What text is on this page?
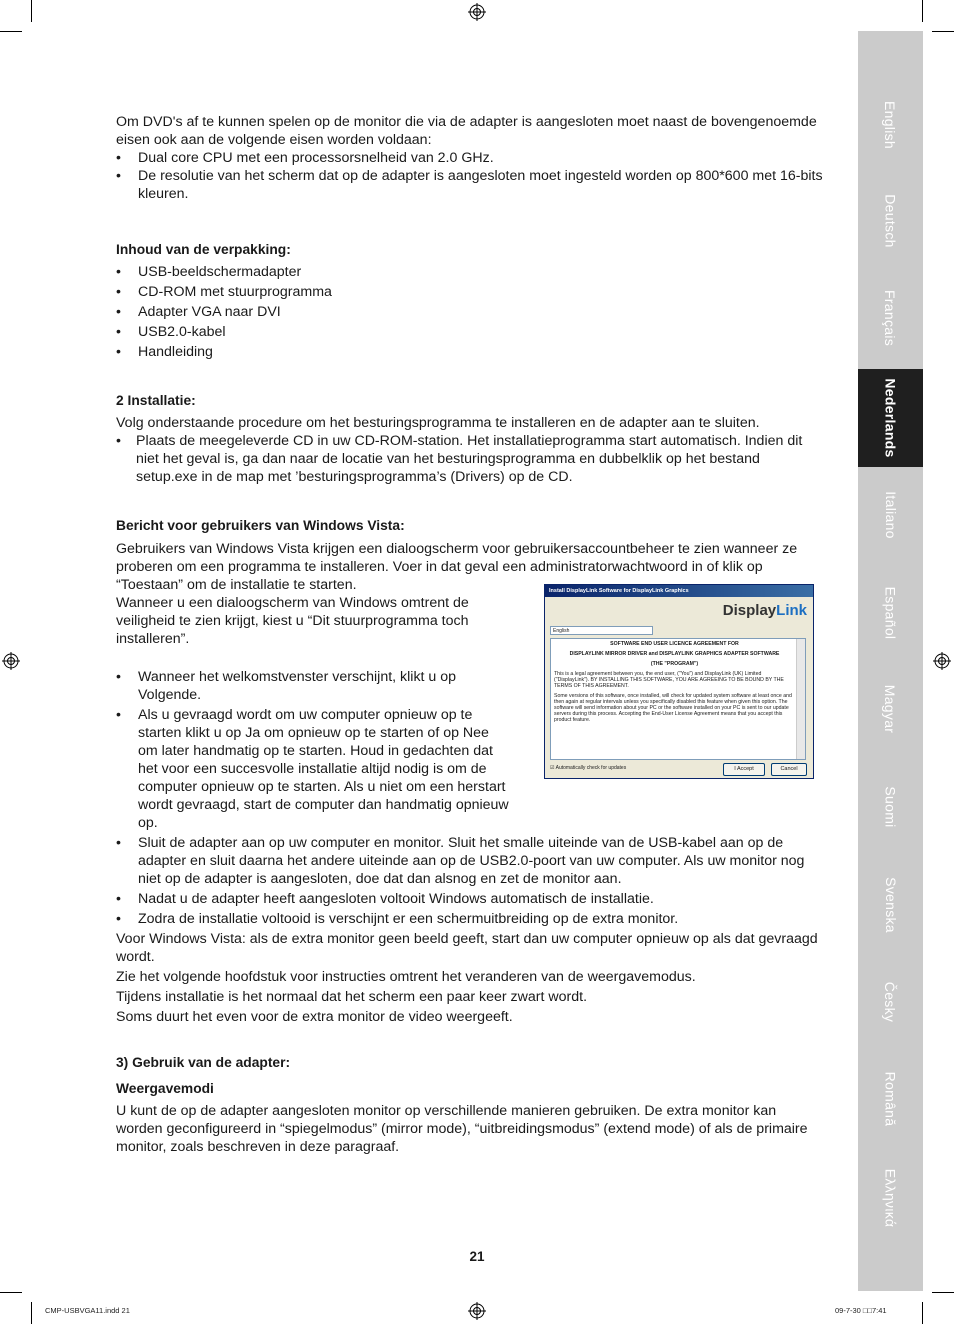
English
Deutsch
Français
Nederlands
Italiano
Español
Magyar
Suomi
Svenska
Česky
Română
Ελληνικά

Om DVD's af te kunnen spelen op de monitor die via de adapter is aangesloten moet naast de bovengenoemde eisen ook aan de volgende eisen worden voldaan:

• Dual core CPU met een processorsnelheid van 2.0 GHz.
• De resolutie van het scherm dat op de adapter is aangesloten moet ingesteld worden op 800*600 met 16-bits kleuren.

Inhoud van de verpakking:

• USB-beeldschermadapter
• CD-ROM met stuurprogramma
• Adapter VGA naar DVI
• USB2.0-kabel
• Handleiding

2 Installatie:

Volg onderstaande procedure om het besturingsprogramma te installeren en de adapter aan te sluiten.

• Plaats de meegeleverde CD in uw CD-ROM-station. Het installatieprogramma start automatisch. Indien dit niet het geval is, ga dan naar de locatie van het besturingsprogramma en dubbelklik op het bestand setup.exe in de map met ’besturingsprogramma’s (Drivers) op de CD.

Bericht voor gebruikers van Windows Vista:

Gebruikers van Windows Vista krijgen een dialoogscherm voor gebruikersaccountbeheer te zien wanneer ze proberen om een programma te installeren. Voer in dat geval een administratorwachtwoord in of klik op “Toestaan” om de installatie te starten.

Wanneer u een dialoogscherm van Windows omtrent de veiligheid te zien krijgt, kiest u “Dit stuurprogramma toch installeren”.

• Wanneer het welkomstvenster verschijnt, klikt u op Volgende.
• Als u gevraagd wordt om uw computer opnieuw op te starten klikt u op Ja om opnieuw op te starten of op Nee om later handmatig op te starten. Houd in gedachten dat het voor een succesvolle installatie altijd nodig is om de computer opnieuw op te starten. Als u niet om een herstart wordt gevraagd, start de computer dan handmatig opnieuw op.
• Sluit de adapter aan op uw computer en monitor. Sluit het smalle uiteinde van de USB-kabel aan op de adapter en sluit daarna het andere uiteinde aan op de USB2.0-poort van uw computer. Als uw monitor nog niet op de adapter is aangesloten, doe dat dan alsnog en zet de monitor aan.
• Nadat u de adapter heeft aangesloten voltooit Windows automatisch de installatie.
• Zodra de installatie voltooid is verschijnt er een schermuitbreiding op de extra monitor.

Voor Windows Vista: als de extra monitor geen beeld geeft, start dan uw computer opnieuw op als dat gevraagd wordt.

Zie het volgende hoofdstuk voor instructies omtrent het veranderen van de weergavemodus.

Tijdens installatie is het normaal dat het scherm een paar keer zwart wordt.

Soms duurt het even voor de extra monitor de video weergeeft.

3) Gebruik van de adapter:

Weergavemodi

U kunt de op de adapter aangesloten monitor op verschillende manieren gebruiken. De extra monitor kan worden geconfigureerd in “spiegelmodus” (mirror mode), “uitbreidingsmodus” (extend mode) of als de primaire monitor, zoals beschreven in deze paragraaf.

Install DisplayLink Software for DisplayLink Graphics
DisplayLink
English
SOFTWARE END USER LICENCE AGREEMENT FOR
DISPLAYLINK MIRROR DRIVER and DISPLAYLINK GRAPHICS ADAPTER SOFTWARE
(THE "PROGRAM")
This is a legal agreement between you, the end user, ("You") and DisplayLink (UK) Limited ("DisplayLink"). BY INSTALLING THIS SOFTWARE, YOU ARE AGREEING TO BE BOUND BY THE TERMS OF THIS AGREEMENT.
Some versions of this software, once installed, will check for updated system software at least once and then again at regular intervals unless you specifically disabled this feature when given this option. The software will send information about your PC or the software installed on your PC is sent to our update servers during this process. Accepting the End-User License Agreement means that you accept this product feature.
☑ Automatically check for updates	I Accept	Cancel
21
CMP-USBVGA11.indd 21	09-7-30 □□7:41
